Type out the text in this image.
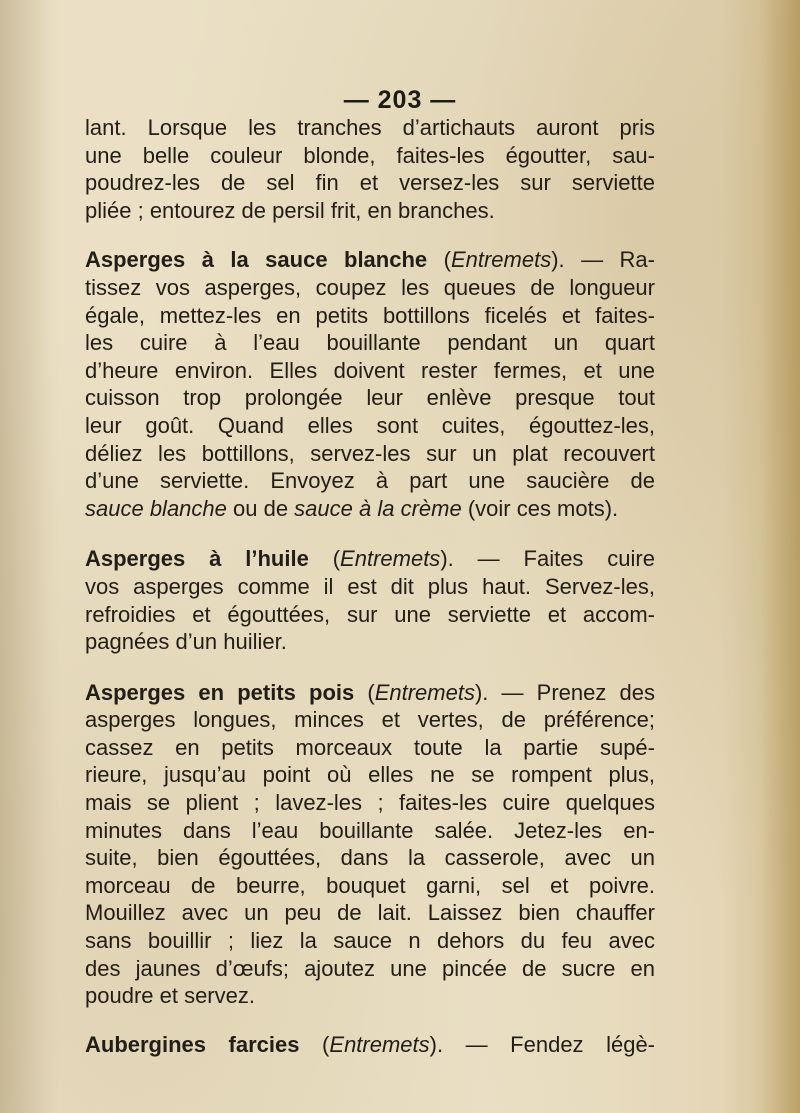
— 203 —

lant. Lorsque les tranches d’artichauts auront pris
une belle couleur blonde, faites-les égoutter, sau-
poudrez-les de sel fin et versez-les sur serviette
pliée ; entourez de persil frit, en branches.

Asperges à la sauce blanche (Entremets). — Ra-
tissez vos asperges, coupez les queues de longueur
égale, mettez-les en petits bottillons ficelés et faites-
les cuire à l’eau bouillante pendant un quart
d’heure environ. Elles doivent rester fermes, et une
cuisson trop prolongée leur enlève presque tout
leur goût. Quand elles sont cuites, égouttez-les,
déliez les bottillons, servez-les sur un plat recouvert
d’une serviette. Envoyez à part une saucière de
sauce blanche ou de sauce à la crème (voir ces mots).

Asperges à l’huile (Entremets). — Faites cuire
vos asperges comme il est dit plus haut. Servez-les,
refroidies et égouttées, sur une serviette et accom-
pagnées d’un huilier.

Asperges en petits pois (Entremets). — Prenez des
asperges longues, minces et vertes, de préférence;
cassez en petits morceaux toute la partie supé-
rieure, jusqu’au point où elles ne se rompent plus,
mais se plient ; lavez-les ; faites-les cuire quelques
minutes dans l’eau bouillante salée. Jetez-les en-
suite, bien égouttées, dans la casserole, avec un
morceau de beurre, bouquet garni, sel et poivre.
Mouillez avec un peu de lait. Laissez bien chauffer
sans bouillir ; liez la sauce n dehors du feu avec
des jaunes d’œufs; ajoutez une pincée de sucre en
poudre et servez.

Aubergines farcies (Entremets). — Fendez légè-
